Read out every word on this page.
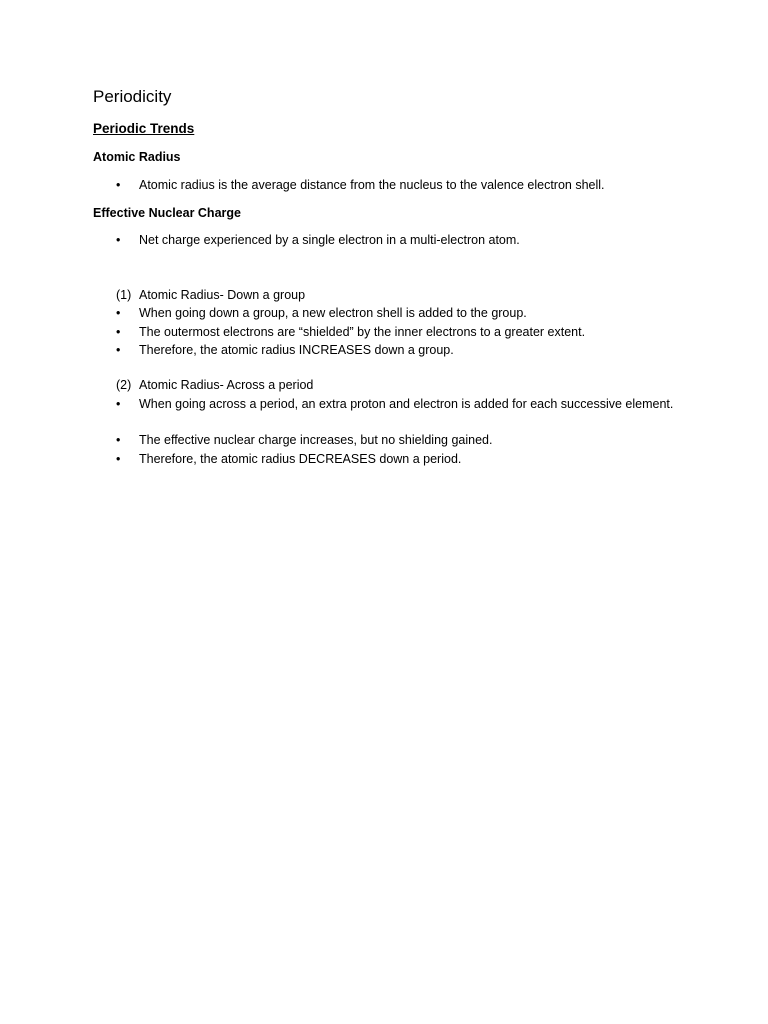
Periodicity
Periodic Trends
Atomic Radius
•	Atomic radius is the average distance from the nucleus to the valence electron shell.
Effective Nuclear Charge
•	Net charge experienced by a single electron in a multi-electron atom.
(1) Atomic Radius- Down a group
•	When going down a group, a new electron shell is added to the group.
•	The outermost electrons are “shielded” by the inner electrons to a greater extent.
•	Therefore, the atomic radius INCREASES down a group.
(2) Atomic Radius- Across a period
•	When going across a period, an extra proton and electron is added for each successive element.
•	The effective nuclear charge increases, but no shielding gained.
•	Therefore, the atomic radius DECREASES down a period.
